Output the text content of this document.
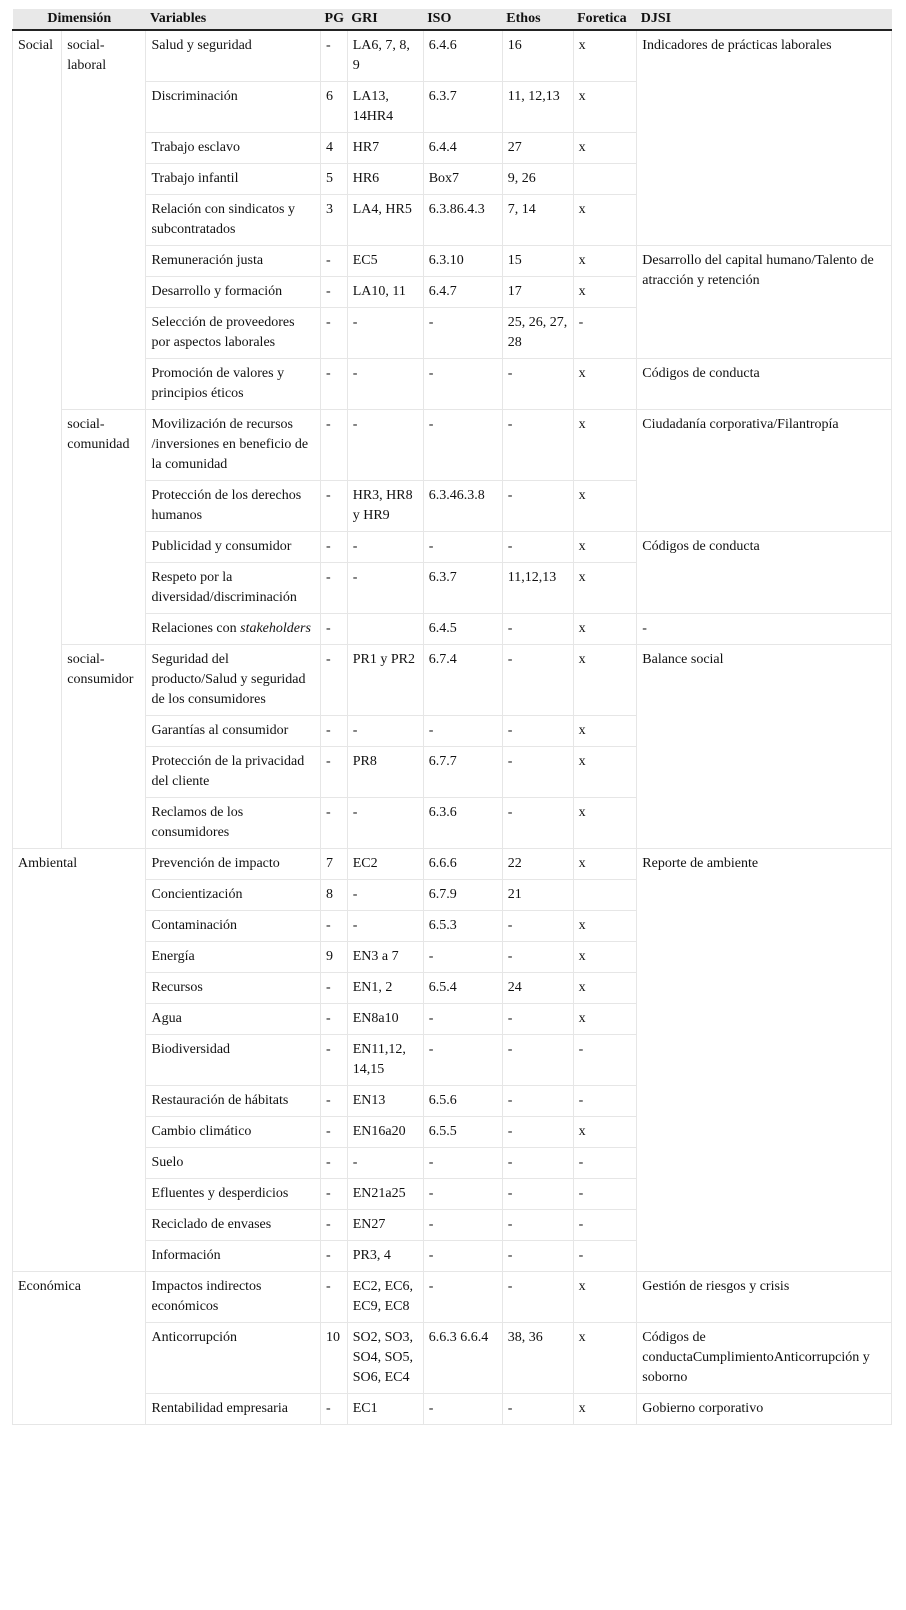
Dimensión		Variables	PG	GRI	ISO	Ethos	Foretica	DJSI
Social	social-laboral	Salud y seguridad	-	LA6, 7, 8, 9	6.4.6	16	x	Indicadores de prácticas laborales
		Discriminación	6	LA13, 14HR4	6.3.7	11, 12,13	x	
		Trabajo esclavo	4	HR7	6.4.4	27	x	
		Trabajo infantil	5	HR6	Box7	9, 26		
		Relación con sindicatos y subcontratados	3	LA4, HR5	6.3.86.4.3	7, 14	x	
		Remuneración justa	-	EC5	6.3.10	15	x	Desarrollo del capital humano/Talento de atracción y retención
		Desarrollo y formación	-	LA10, 11	6.4.7	17	x	
		Selección de proveedores por aspectos laborales	-	-	-	25, 26, 27, 28	-	
		Promoción de valores y principios éticos	-	-	-	-	x	Códigos de conducta
	social-comunidad	Movilización de recursos /inversiones en beneficio de la comunidad	-	-	-	-	x	Ciudadanía corporativa/Filantropía
		Protección de los derechos humanos	-	HR3, HR8 y HR9	6.3.46.3.8	-	x	
		Publicidad y consumidor	-	-	-	-	x	Códigos de conducta
		Respeto por la diversidad/discriminación	-	-	6.3.7	11,12,13	x	
		Relaciones con stakeholders	-		6.4.5	-	x	-
	social-consumidor	Seguridad del producto/Salud y seguridad de los consumidores	-	PR1 y PR2	6.7.4	-	x	Balance social
		Garantías al consumidor	-	-	-	-	x	
		Protección de la privacidad del cliente	-	PR8	6.7.7	-	x	
		Reclamos de los consumidores	-	-	6.3.6	-	x	
Ambiental		Prevención de impacto	7	EC2	6.6.6	22	x	Reporte de ambiente
		Concientización	8	-	6.7.9	21		
		Contaminación	-	-	6.5.3	-	x	
		Energía	9	EN3 a 7	-	-	x	
		Recursos	-	EN1, 2	6.5.4	24	x	
		Agua	-	EN8a10	-	-	x	
		Biodiversidad	-	EN11,12, 14,15	-	-	-	
		Restauración de hábitats	-	EN13	6.5.6	-	-	
		Cambio climático	-	EN16a20	6.5.5	-	x	
		Suelo	-	-	-	-	-	
		Efluentes y desperdicios	-	EN21a25	-	-	-	
		Reciclado de envases	-	EN27	-	-	-	
		Información	-	PR3, 4	-	-	-	
Económica		Impactos indirectos económicos	-	EC2, EC6, EC9, EC8	-	-	x	Gestión de riesgos y crisis
		Anticorrupción	10	SO2, SO3, SO4, SO5, SO6, EC4	6.6.3 6.6.4	38, 36	x	Códigos de conductaCumplimientoAnticorrupción y soborno
		Rentabilidad empresaria	-	EC1	-	-	x	Gobierno corporativo
